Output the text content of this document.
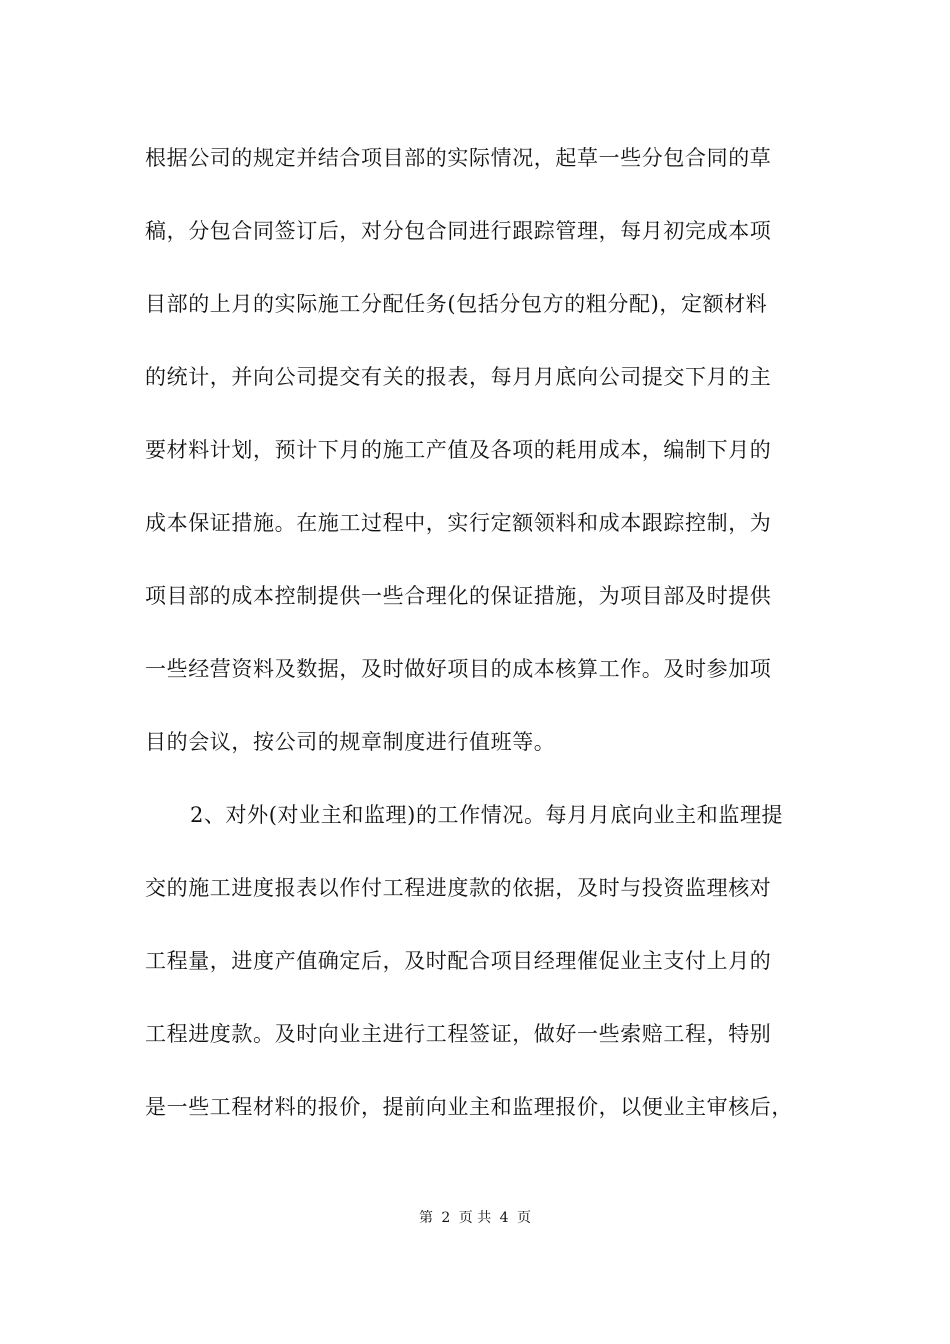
根据公司的规定并结合项目部的实际情况，起草一些分包合同的草
稿，分包合同签订后，对分包合同进行跟踪管理，每月初完成本项
目部的上月的实际施工分配任务(包括分包方的粗分配)，定额材料
的统计，并向公司提交有关的报表，每月月底向公司提交下月的主
要材料计划，预计下月的施工产值及各项的耗用成本，编制下月的
成本保证措施。在施工过程中，实行定额领料和成本跟踪控制，为
项目部的成本控制提供一些合理化的保证措施，为项目部及时提供
一些经营资料及数据，及时做好项目的成本核算工作。及时参加项
目的会议，按公司的规章制度进行值班等。
2、对外(对业主和监理)的工作情况。每月月底向业主和监理提
交的施工进度报表以作付工程进度款的依据，及时与投资监理核对
工程量，进度产值确定后，及时配合项目经理催促业主支付上月的
工程进度款。及时向业主进行工程签证，做好一些索赔工程，特别
是一些工程材料的报价，提前向业主和监理报价，以便业主审核后，
第 2 页 共 4 页
